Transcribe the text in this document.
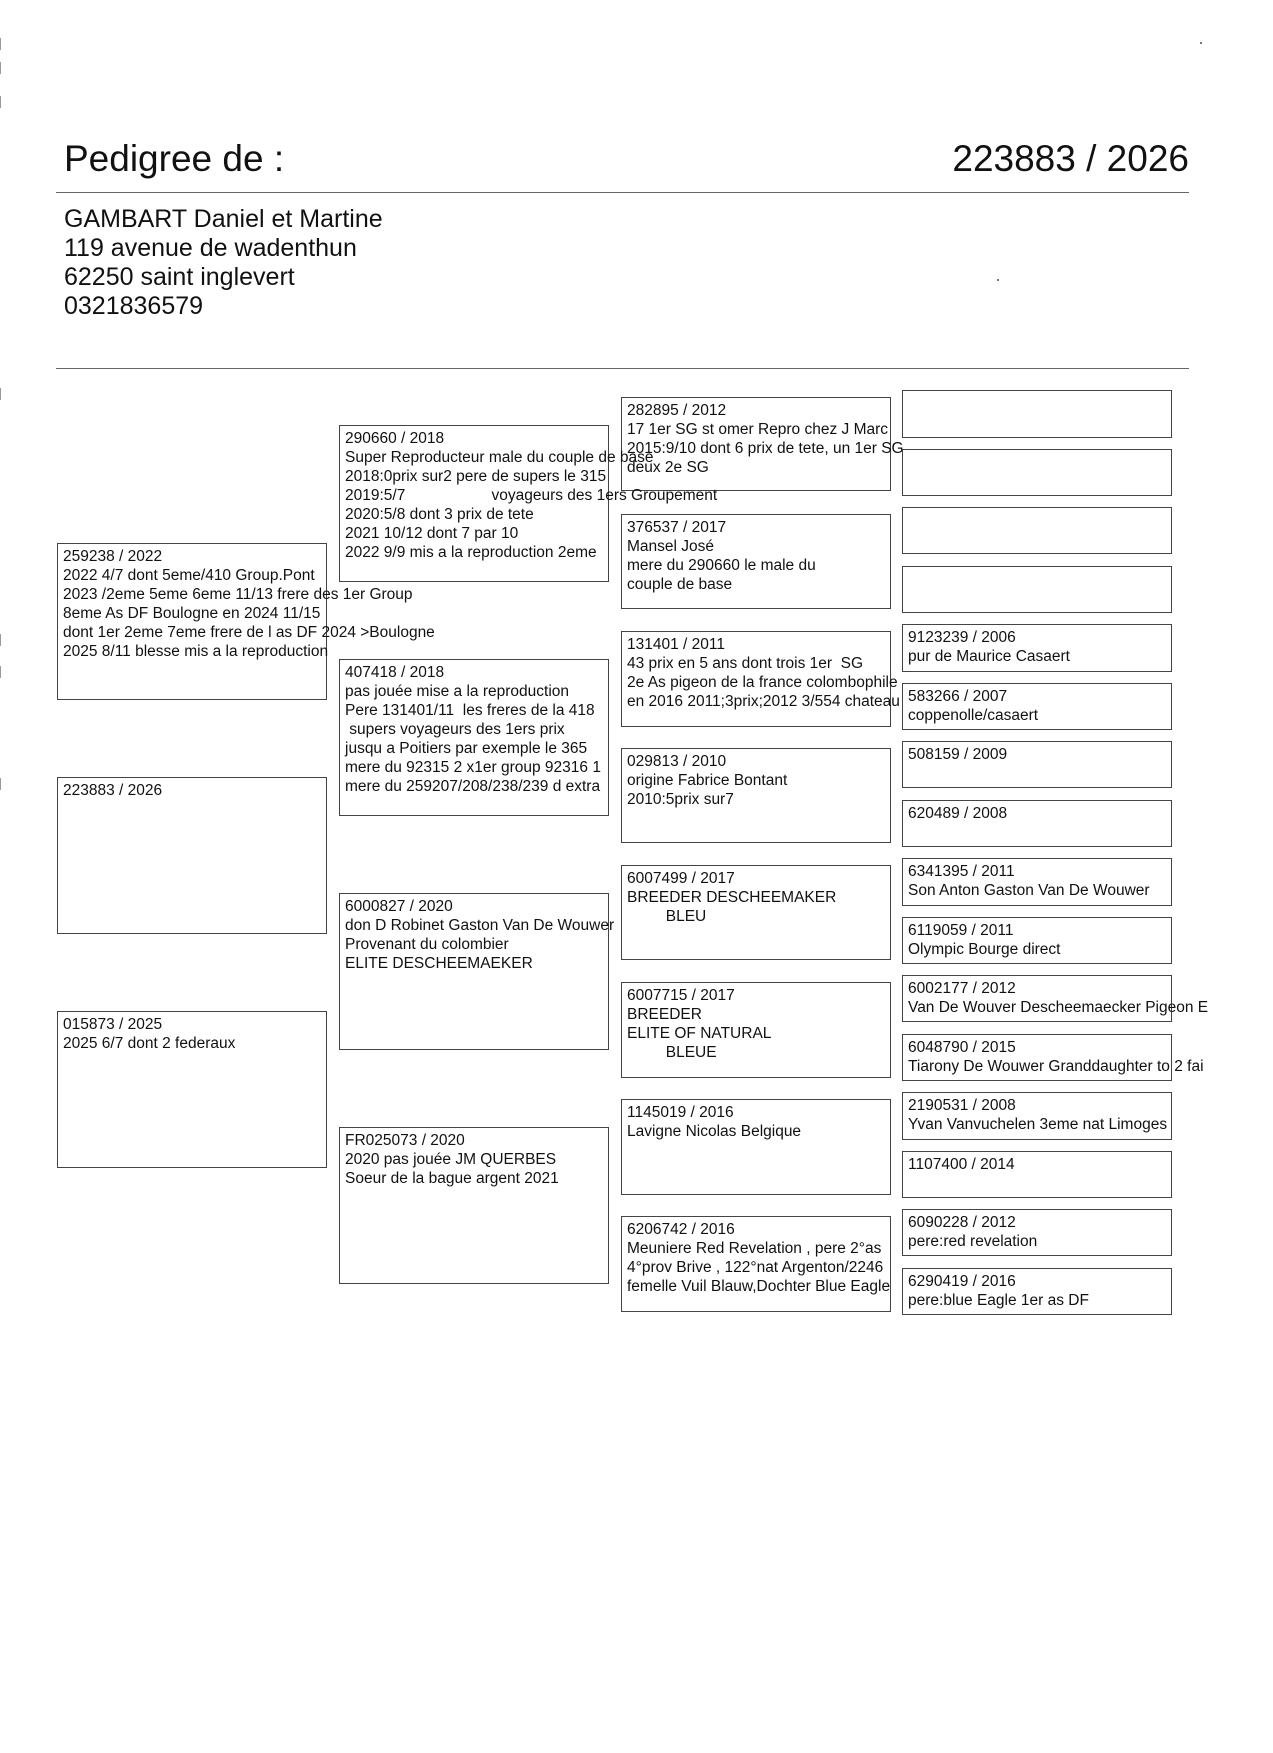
Pedigree de :	223883 / 2026
GAMBART Daniel et Martine
119 avenue de wadenthun
62250 saint inglevert
0321836579
282895 / 2012
17 1er SG st omer Repro chez J Marc
2015:9/10 dont 6 prix de tete, un 1er SG
deux 2e SG
376537 / 2017
Mansel José
mere du 290660 le male du
couple de base
131401 / 2011
43 prix en 5 ans dont trois 1er  SG
2e As pigeon de la france colombophile
en 2016 2011;3prix;2012 3/554 chateau
029813 / 2010
origine Fabrice Bontant
2010:5prix sur7
6007499 / 2017
BREEDER DESCHEEMAKER
BLEU
6007715 / 2017
BREEDER
ELITE OF NATURAL
BLEUE
1145019 / 2016
Lavigne Nicolas Belgique
6206742 / 2016
Meuniere Red Revelation , pere 2°as
4°prov Brive , 122°nat Argenton/2246
femelle Vuil Blauw,Dochter Blue Eagle
290660 / 2018
Super Reproducteur male du couple de base
2018:0prix sur2 pere de supers le 315
2019:5/7                    voyageurs des 1ers Groupement
2020:5/8 dont 3 prix de tete
2021 10/12 dont 7 par 10
2022 9/9 mis a la reproduction 2eme
407418 / 2018
pas jouée mise a la reproduction
Pere 131401/11  les freres de la 418
supers voyageurs des 1ers prix
jusqu a Poitiers par exemple le 365
mere du 92315 2 x1er group 92316 1
mere du 259207/208/238/239 d extra
6000827 / 2020
don D Robinet Gaston Van De Wouwer
Provenant du colombier
ELITE DESCHEEMAEKER
FR025073 / 2020
2020 pas jouée JM QUERBES
Soeur de la bague argent 2021
259238 / 2022
2022 4/7 dont 5eme/410 Group.Pont
2023 /2eme 5eme 6eme 11/13 frere des 1er Group
8eme As DF Boulogne en 2024 11/15
dont 1er 2eme 7eme frere de l as DF 2024 >Boulogne
2025 8/11 blesse mis a la reproduction
223883 / 2026
015873 / 2025
2025 6/7 dont 2 federaux
9123239 / 2006
pur de Maurice Casaert
583266 / 2007
coppenolle/casaert
508159 / 2009
620489 / 2008
6341395 / 2011
Son Anton Gaston Van De Wouwer
6119059 / 2011
Olympic Bourge direct
6002177 / 2012
Van De Wouver Descheemaecker Pigeon E
6048790 / 2015
Tiarony De Wouwer Granddaughter to 2 fai
2190531 / 2008
Yvan Vanvuchelen 3eme nat Limoges
1107400 / 2014
6090228 / 2012
pere:red revelation
6290419 / 2016
pere:blue Eagle 1er as DF
